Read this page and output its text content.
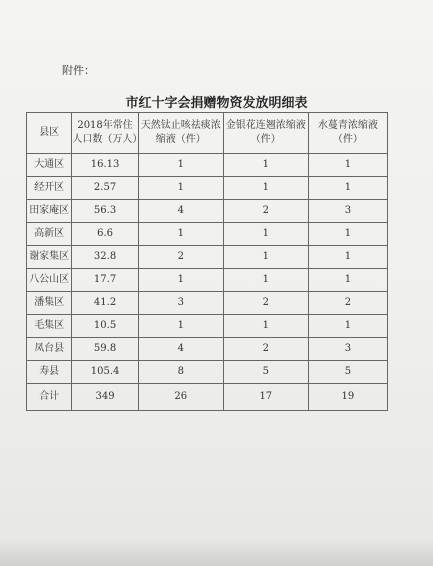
附件：
市红十字会捐赠物资发放明细表
县区	2018年常住人口数（万人）	天然钛止咳祛痰浓缩液（件）	金银花连翘浓缩液（件）	水蔓青浓缩液（件）
大通区	16.13	1	1	1
经开区	2.57	1	1	1
田家庵区	56.3	4	2	3
高新区	6.6	1	1	1
谢家集区	32.8	2	1	1
八公山区	17.7	1	1	1
潘集区	41.2	3	2	2
毛集区	10.5	1	1	1
凤台县	59.8	4	2	3
寿县	105.4	8	5	5
合计	349	26	17	19
